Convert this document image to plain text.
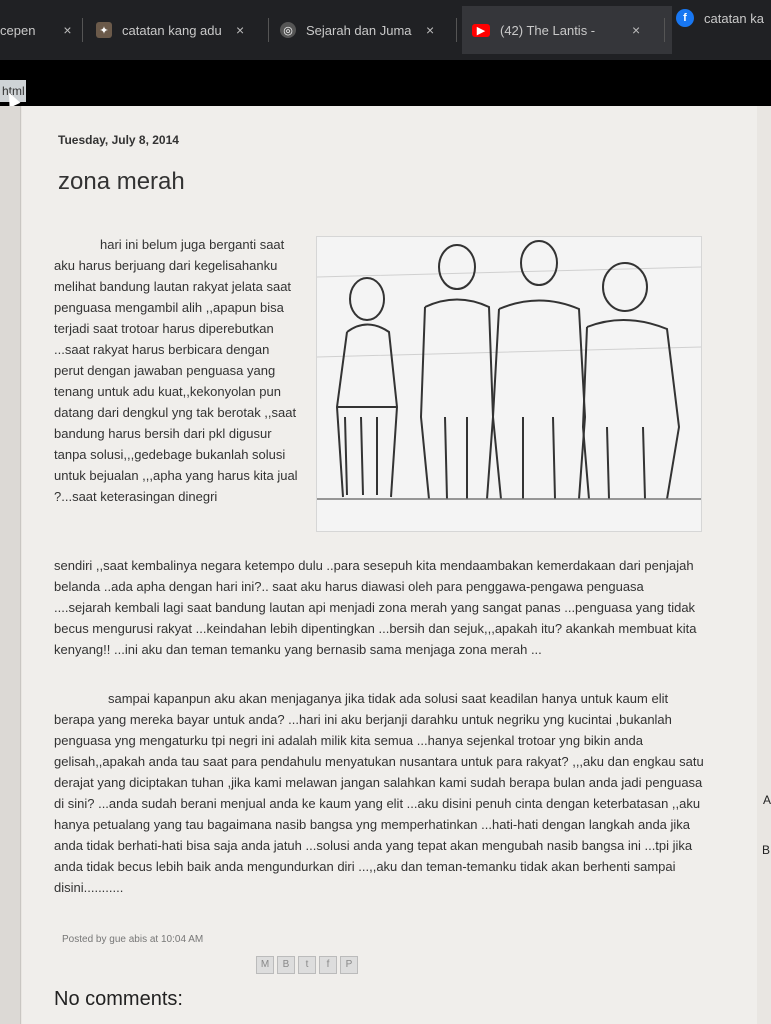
cepen ×	✦ catatan kang adu ×	◎ Sejarah dan Juma ×	▶	(42) The Lantis -	×
f	catatan ka
html
Tuesday, July 8, 2014
zona merah
hari ini belum juga berganti saat aku harus berjuang dari kegelisahanku melihat bandung lautan rakyat jelata saat penguasa mengambil alih ,,apapun bisa terjadi saat trotoar harus diperebutkan ...saat rakyat harus berbicara dengan perut dengan jawaban penguasa yang tenang untuk adu kuat,,kekonyolan pun datang dari dengkul yng tak berotak ,,saat bandung harus bersih dari pkl digusur tanpa solusi,,,gedebage bukanlah solusi untuk bejualan ,,,apha yang harus kita jual ?...saat keterasingan dinegri
sendiri ,,saat kembalinya negara ketempo dulu ..para sesepuh kita mendaambakan kemerdakaan dari penjajah belanda ..ada apha dengan hari ini?.. saat aku harus diawasi oleh para penggawa-pengawa penguasa ....sejarah kembali lagi saat bandung lautan api menjadi zona merah yang sangat panas ...penguasa yang tidak becus mengurusi rakyat ...keindahan lebih dipentingkan ...bersih dan sejuk,,,apakah itu? akankah membuat kita kenyang!! ...ini aku dan teman temanku yang bernasib sama menjaga zona merah ...
sampai kapanpun aku akan menjaganya jika tidak ada solusi saat keadilan hanya untuk kaum elit berapa yang mereka bayar untuk anda? ...hari ini aku berjanji darahku untuk negriku yng kucintai ,bukanlah penguasa yng mengaturku tpi negri ini adalah milik kita semua ...hanya sejenkal trotoar yng bikin anda gelisah,,apakah anda tau saat para pendahulu menyatukan nusantara untuk para rakyat? ,,,aku dan engkau satu derajat yang diciptakan tuhan ,jika kami melawan jangan salahkan kami sudah berapa bulan anda jadi penguasa di sini? ...anda sudah berani menjual anda ke kaum yang elit ...aku disini penuh cinta dengan keterbatasan ,,aku hanya petualang yang tau bagaimana nasib bangsa yng memperhatinkan ...hati-hati dengan langkah anda jika anda tidak berhati-hati bisa saja anda jatuh ...solusi anda yang tepat akan mengubah nasib bangsa ini ...tpi jika anda tidak becus lebih baik anda mengundurkan diri ...,,aku dan teman-temanku tidak akan berhenti sampai disini...........
Posted by gue abis at 10:04 AM
M	B	t	f	P
No comments:
A
B
